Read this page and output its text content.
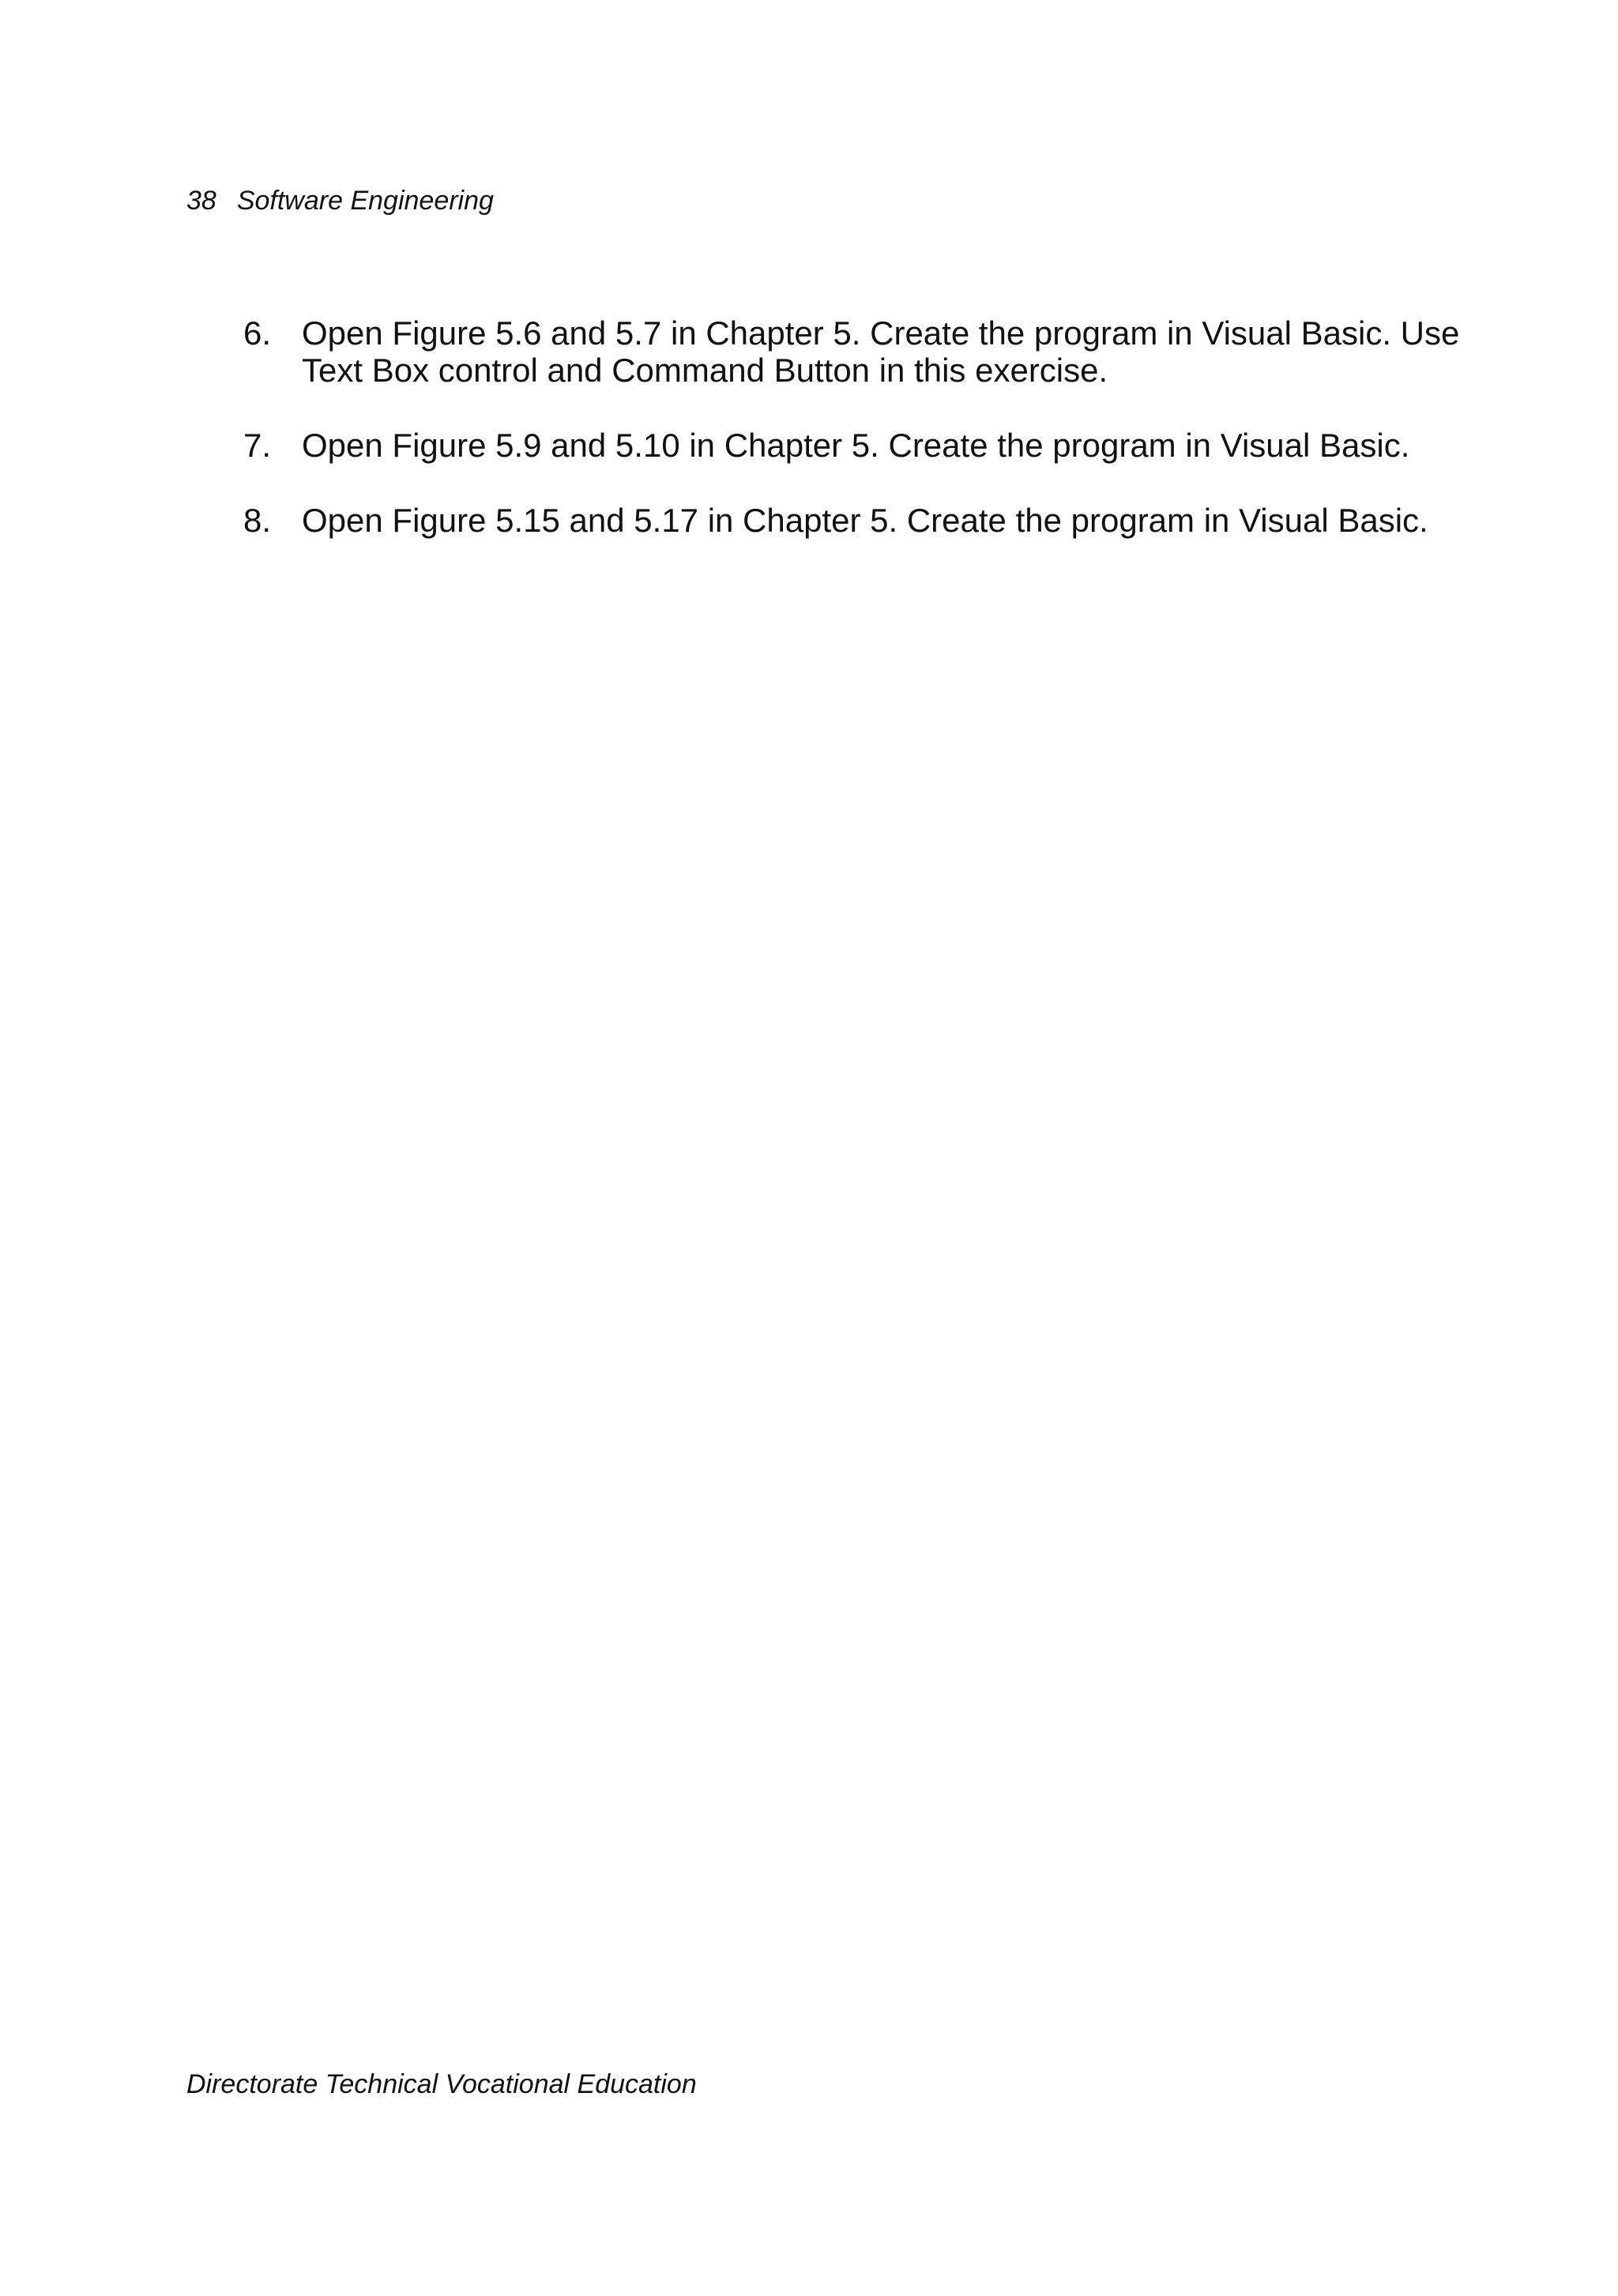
38 Software Engineering
6. Open Figure 5.6 and 5.7 in Chapter 5. Create the program in Visual Basic. Use Text Box control and Command Button in this exercise.
7. Open Figure 5.9 and 5.10 in Chapter 5. Create the program in Visual Basic.
8. Open Figure 5.15 and 5.17 in Chapter 5. Create the program in Visual Basic.
Directorate Technical Vocational Education
